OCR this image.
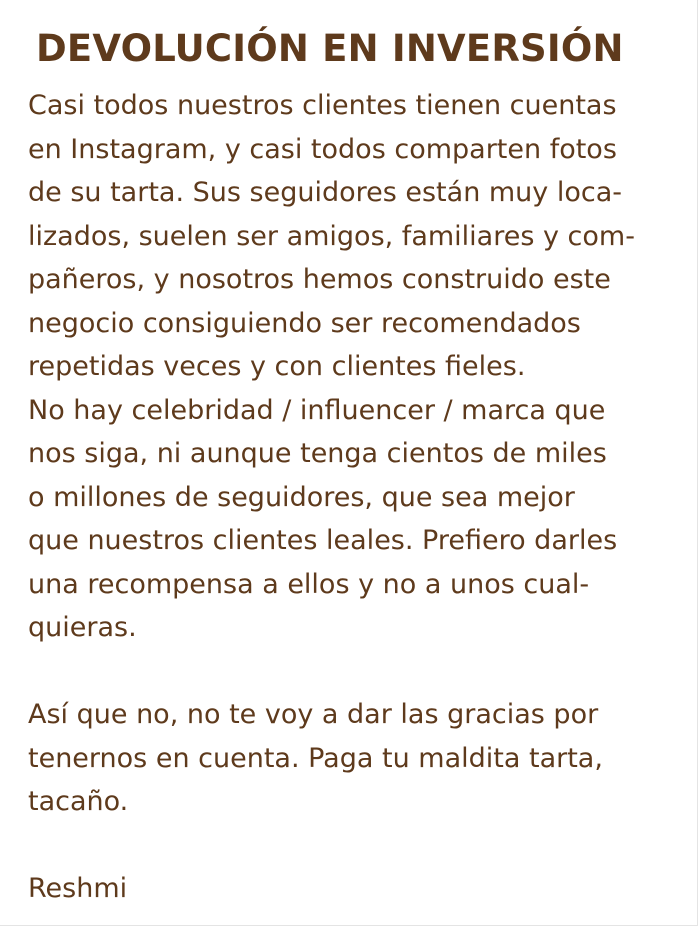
DEVOLUCIÓN EN INVERSIÓN
Casi todos nuestros clientes tienen cuentas
en Instagram, y casi todos comparten fotos
de su tarta. Sus seguidores están muy loca-
lizados, suelen ser amigos, familiares y com-
pañeros, y nosotros hemos construido este
negocio consiguiendo ser recomendados
repetidas veces y con clientes fieles.
No hay celebridad / influencer / marca que
nos siga, ni aunque tenga cientos de miles
o millones de seguidores, que sea mejor
que nuestros clientes leales. Prefiero darles
una recompensa a ellos y no a unos cual-
quieras.
Así que no, no te voy a dar las gracias por
tenernos en cuenta. Paga tu maldita tarta,
tacaño.
Reshmi
